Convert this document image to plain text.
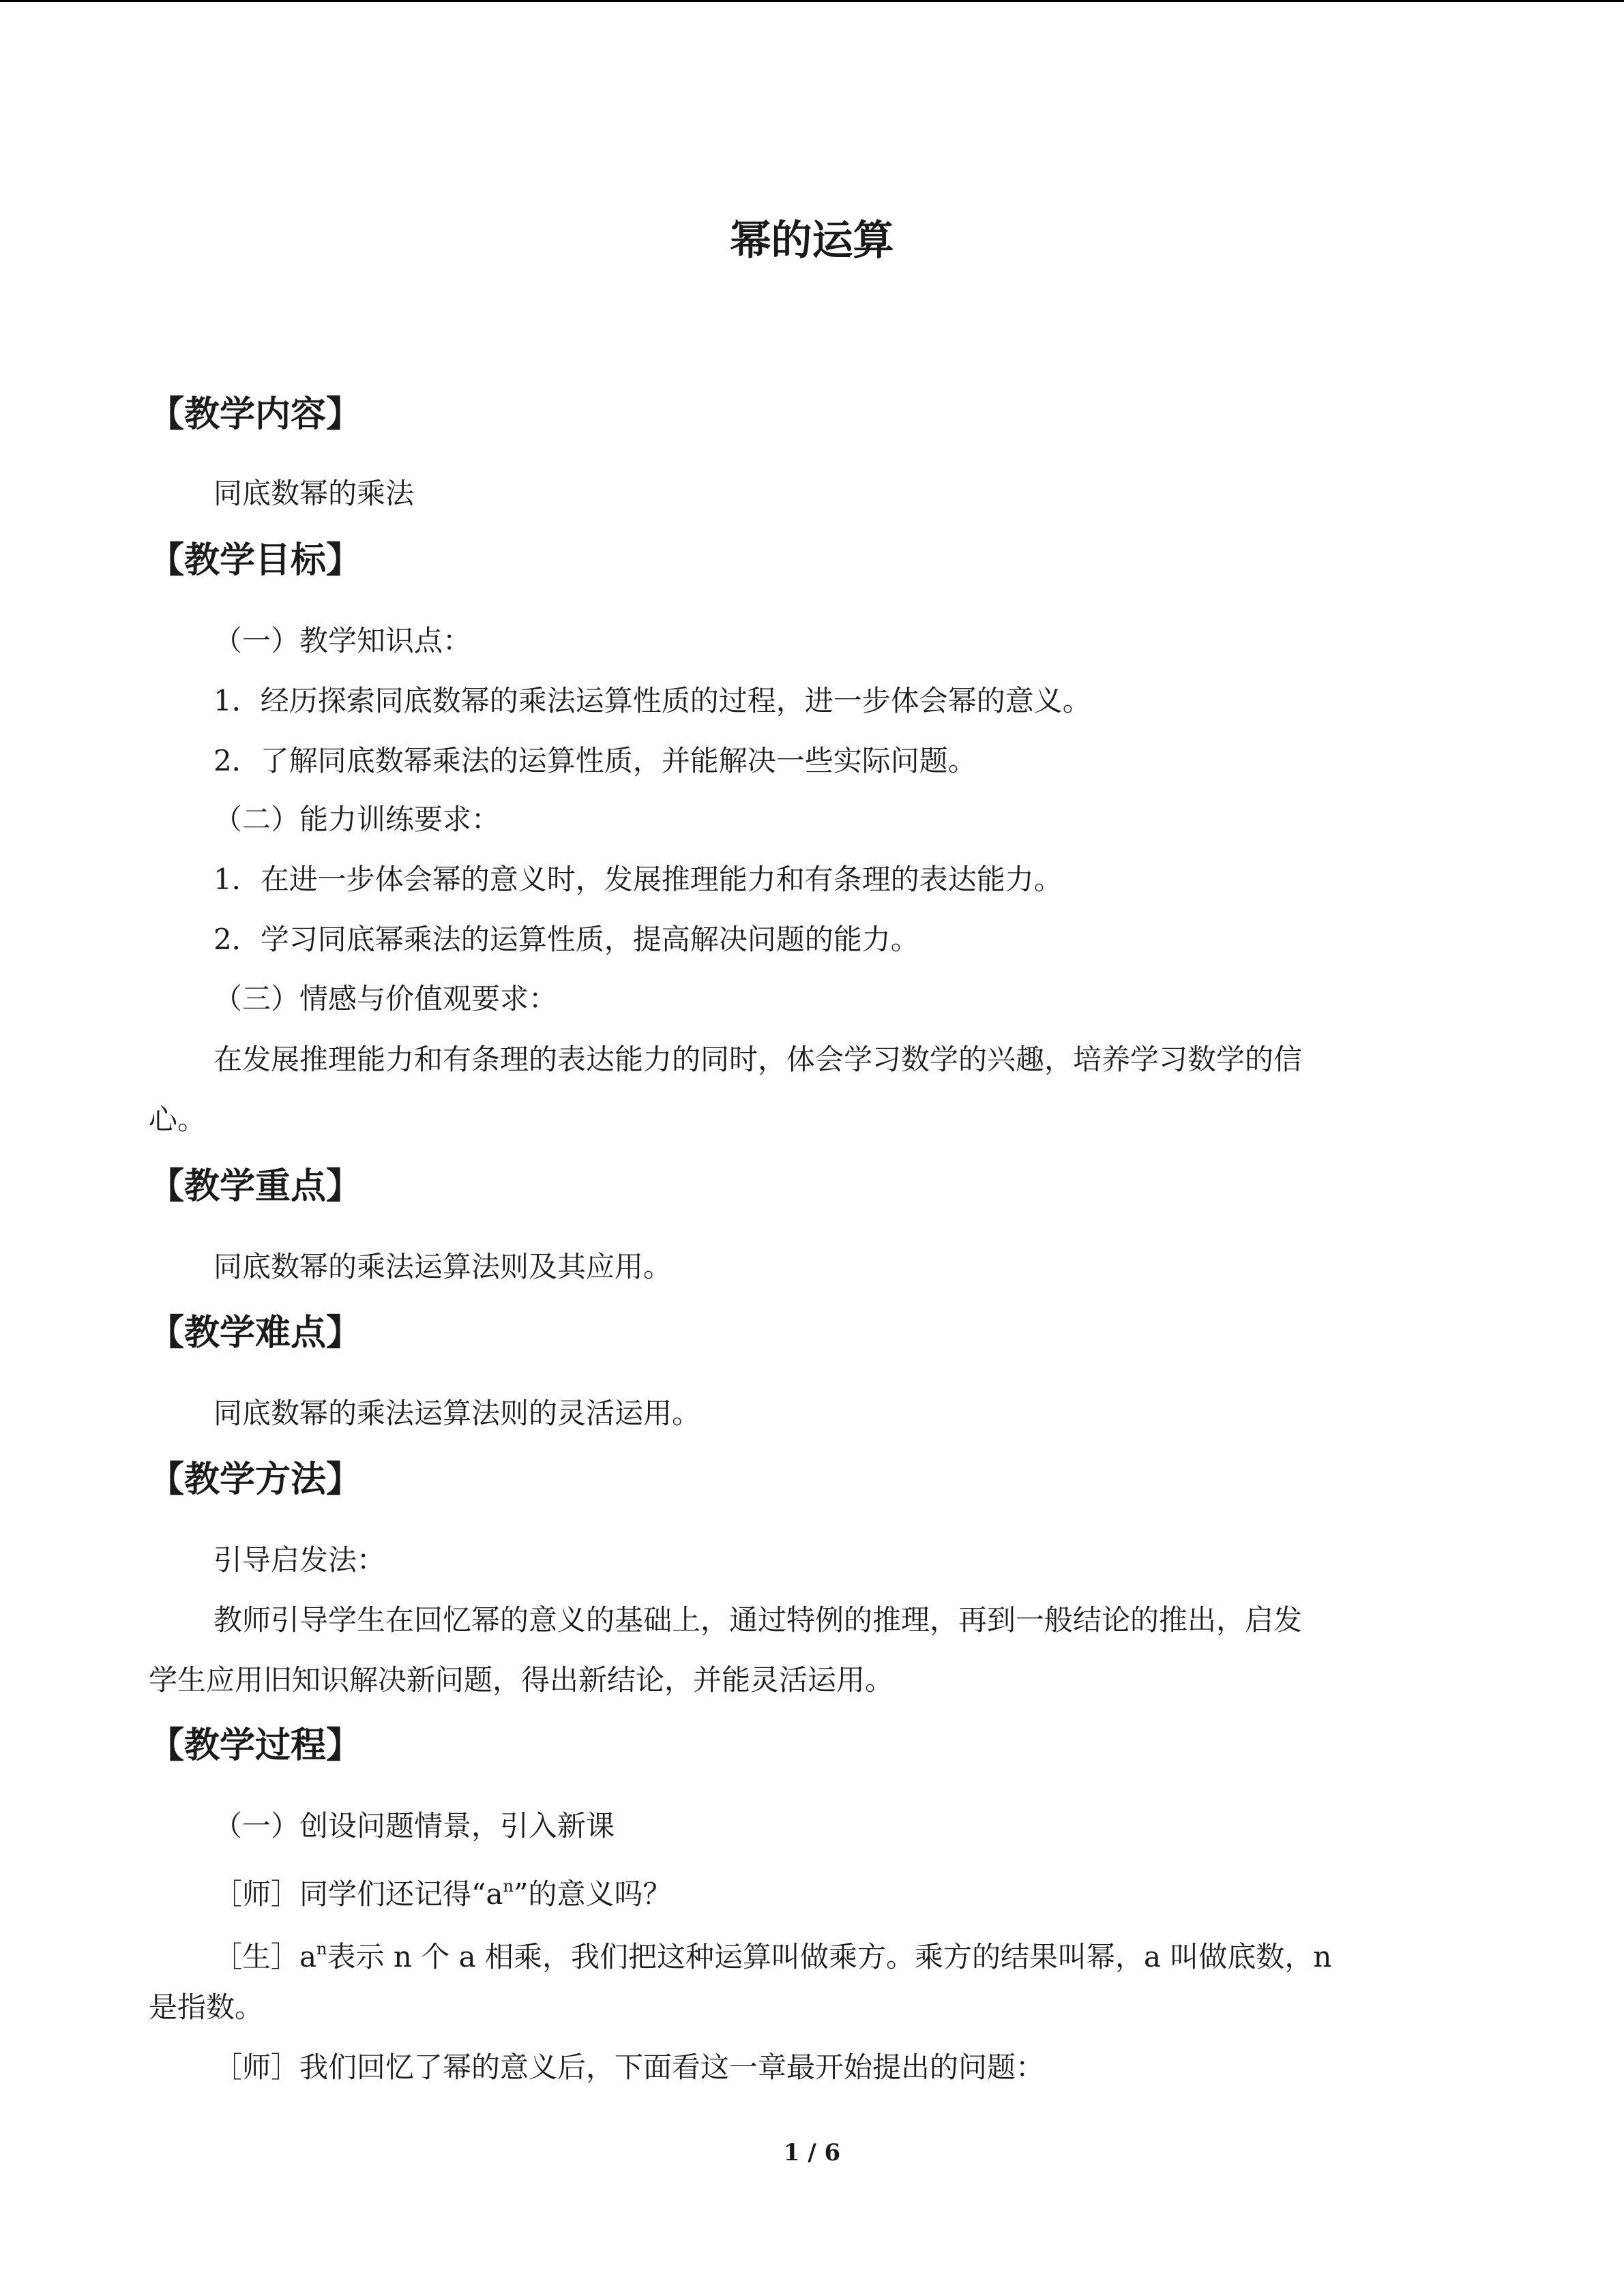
幂的运算
【教学内容】
同底数幂的乘法
【教学目标】
（一）教学知识点：
1．经历探索同底数幂的乘法运算性质的过程，进一步体会幂的意义。
2．了解同底数幂乘法的运算性质，并能解决一些实际问题。
（二）能力训练要求：
1．在进一步体会幂的意义时，发展推理能力和有条理的表达能力。
2．学习同底幂乘法的运算性质，提高解决问题的能力。
（三）情感与价值观要求：
在发展推理能力和有条理的表达能力的同时，体会学习数学的兴趣，培养学习数学的信
心。
【教学重点】
同底数幂的乘法运算法则及其应用。
【教学难点】
同底数幂的乘法运算法则的灵活运用。
【教学方法】
引导启发法：
教师引导学生在回忆幂的意义的基础上，通过特例的推理，再到一般结论的推出，启发
学生应用旧知识解决新问题，得出新结论，并能灵活运用。
【教学过程】
（一）创设问题情景，引入新课
［师］同学们还记得“$a^n$”的意义吗？
［生$]a^n$表示 n 个 a 相乘，我们把这种运算叫做乘方。乘方的结果叫幂，a 叫做底数，n
是指数。
［师］我们回忆了幂的意义后，下面看这一章最开始提出的问题：
1 / 6
